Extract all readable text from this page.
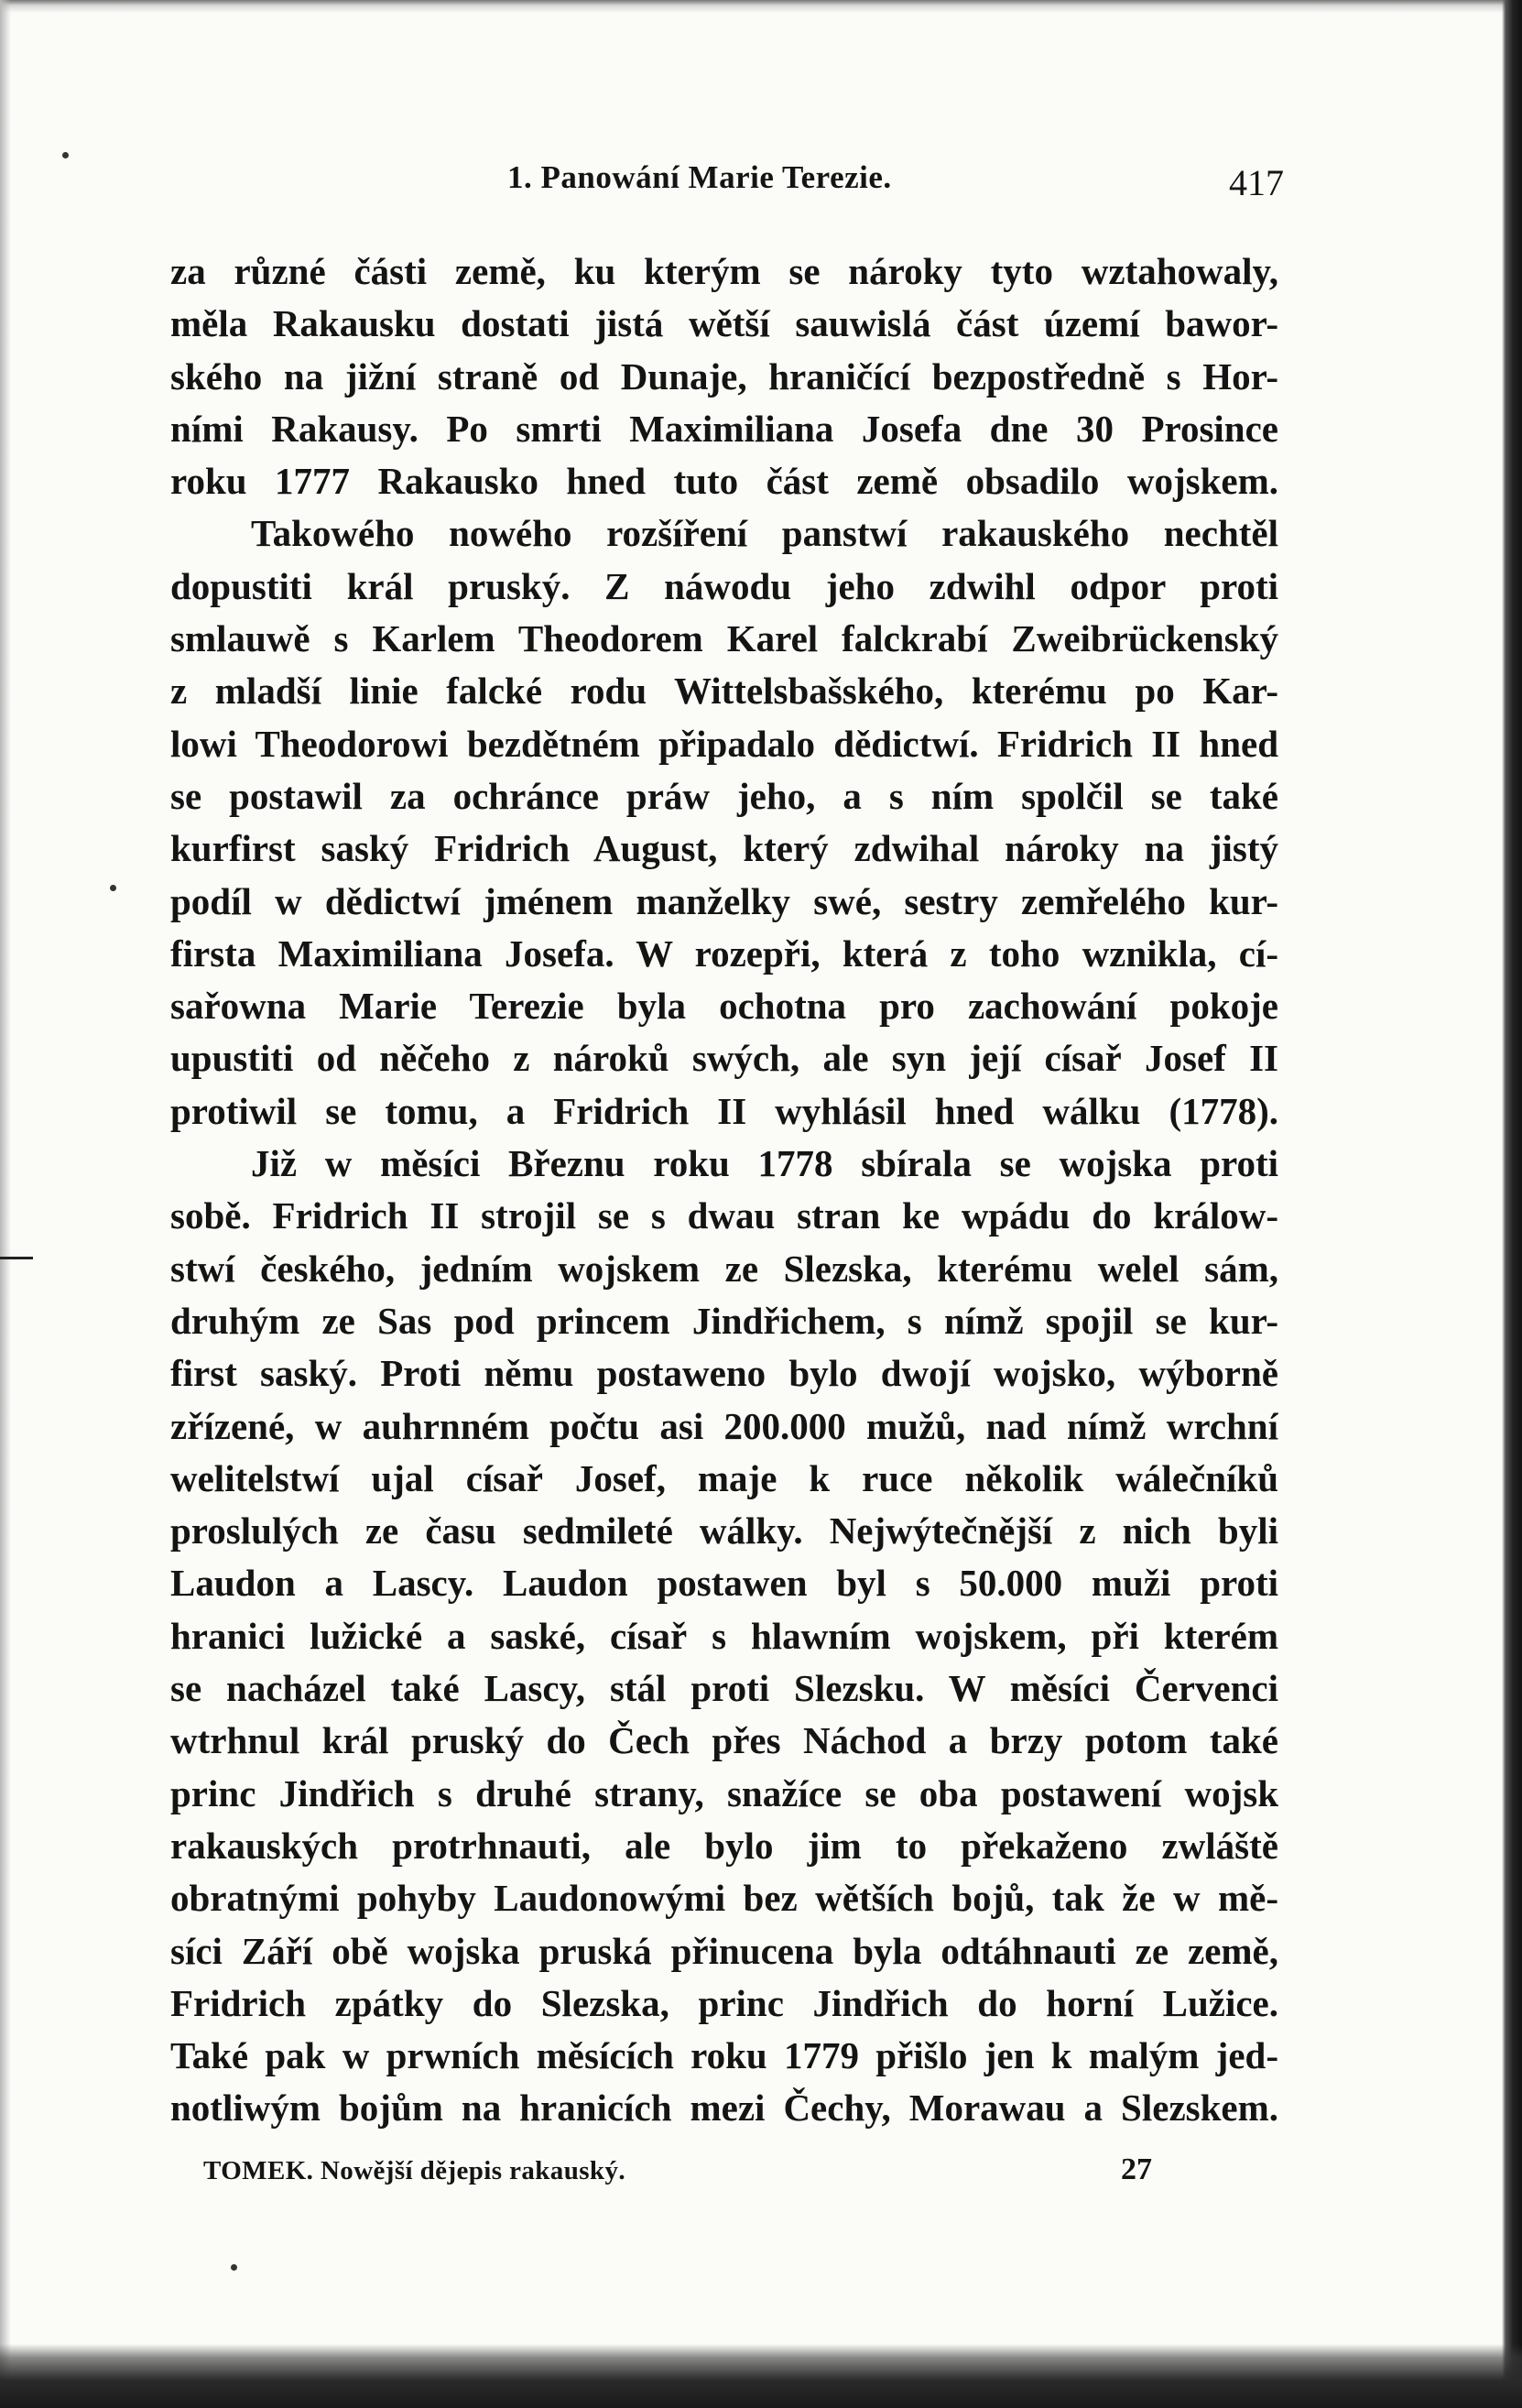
1. Panowání Marie Terezie.	417
za různé části země, ku kterým se nároky tyto wztahowaly,
měla Rakausku dostati jistá wětší sauwislá část území bawor-
ského na jižní straně od Dunaje, hraničící bezpostředně s Hor-
ními Rakausy. Po smrti Maximiliana Josefa dne 30 Prosince
roku 1777 Rakausko hned tuto část země obsadilo wojskem.
Takowého nowého rozšíření panstwí rakauského nechtěl
dopustiti král pruský. Z náwodu jeho zdwihl odpor proti
smlauwě s Karlem Theodorem Karel falckrabí Zweibrückenský
z mladší linie falcké rodu Wittelsbašského, kterému po Kar-
lowi Theodorowi bezdětném připadalo dědictwí. Fridrich II hned
se postawil za ochránce práw jeho, a s ním spolčil se také
kurfirst saský Fridrich August, který zdwihal nároky na jistý
podíl w dědictwí jménem manželky swé, sestry zemřelého kur-
firsta Maximiliana Josefa. W rozepři, která z toho wznikla, cí-
sařowna Marie Terezie byla ochotna pro zachowání pokoje
upustiti od něčeho z nároků swých, ale syn její císař Josef II
protiwil se tomu, a Fridrich II wyhlásil hned wálku (1778).
Již w měsíci Březnu roku 1778 sbírala se wojska proti
sobě. Fridrich II strojil se s dwau stran ke wpádu do králow-
stwí českého, jedním wojskem ze Slezska, kterému welel sám,
druhým ze Sas pod princem Jindřichem, s nímž spojil se kur-
first saský. Proti němu postaweno bylo dwojí wojsko, wýborně
zřízené, w auhrnném počtu asi 200.000 mužů, nad nímž wrchní
welitelstwí ujal císař Josef, maje k ruce několik wálečníků
proslulých ze času sedmileté wálky. Nejwýtečnější z nich byli
Laudon a Lascy. Laudon postawen byl s 50.000 muži proti
hranici lužické a saské, císař s hlawním wojskem, při kterém
se nacházel také Lascy, stál proti Slezsku. W měsíci Červenci
wtrhnul král pruský do Čech přes Náchod a brzy potom také
princ Jindřich s druhé strany, snažíce se oba postawení wojsk
rakauských protrhnauti, ale bylo jim to překaženo zwláště
obratnými pohyby Laudonowými bez wětších bojů, tak že w mě-
síci Září obě wojska pruská přinucena byla odtáhnauti ze země,
Fridrich zpátky do Slezska, princ Jindřich do horní Lužice.
Také pak w prwních měsících roku 1779 přišlo jen k malým jed-
notliwým bojům na hranicích mezi Čechy, Morawau a Slezskem.
TOMEK. Nowější dějepis rakauský.	27
